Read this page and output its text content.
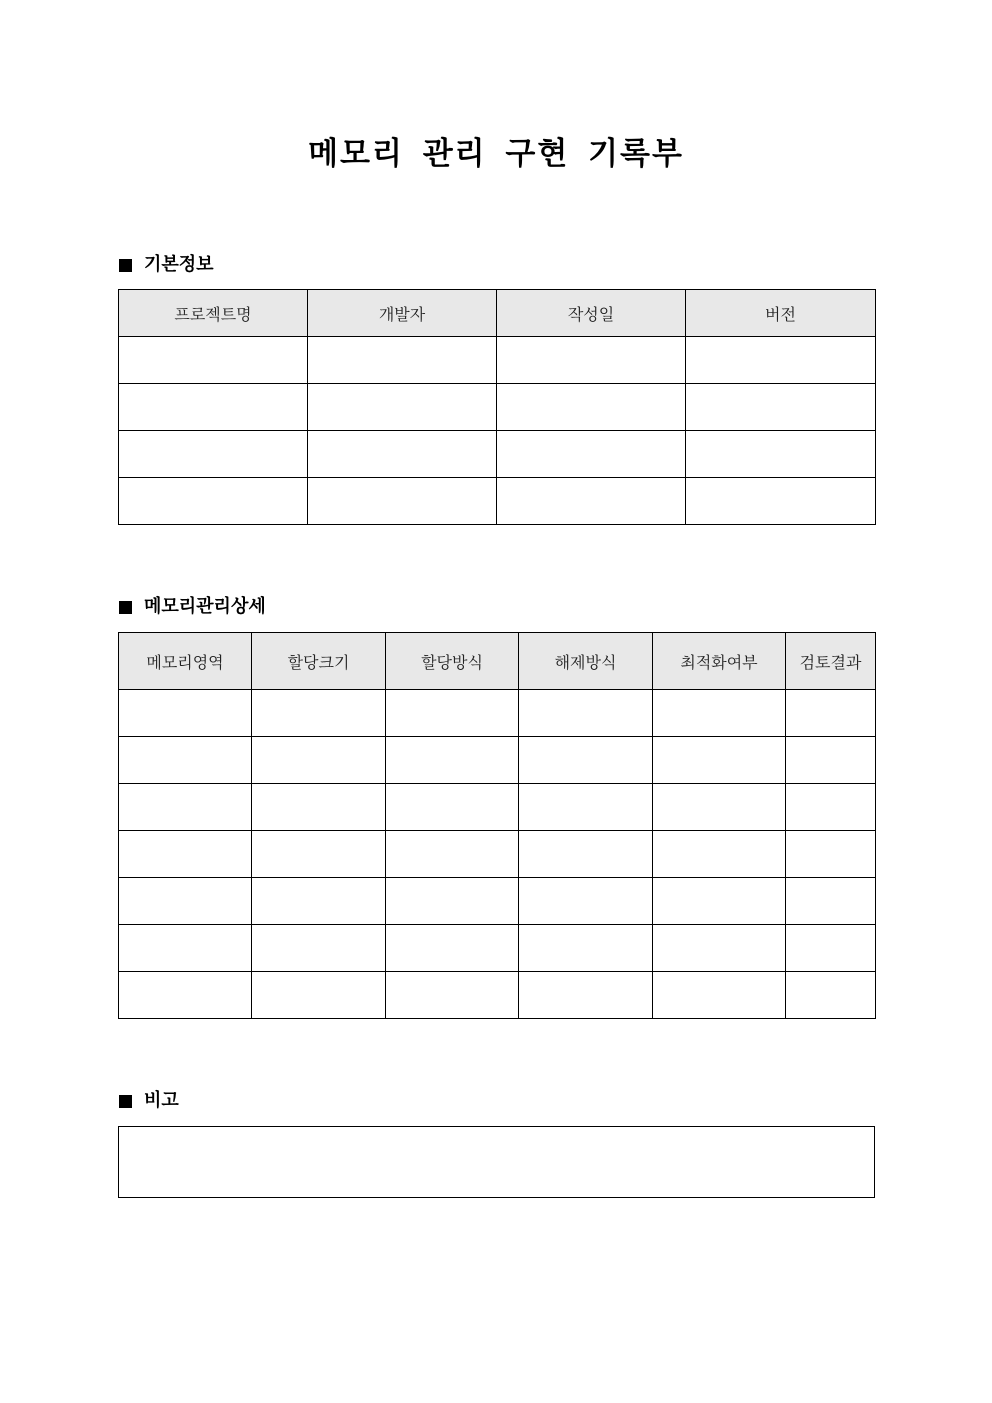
메모리 관리 구현 기록부
기본정보
프로젝트명	개발자	작성일	버전

메모리관리상세
메모리영역	할당크기	할당방식	해제방식	최적화여부	검토결과

비고
